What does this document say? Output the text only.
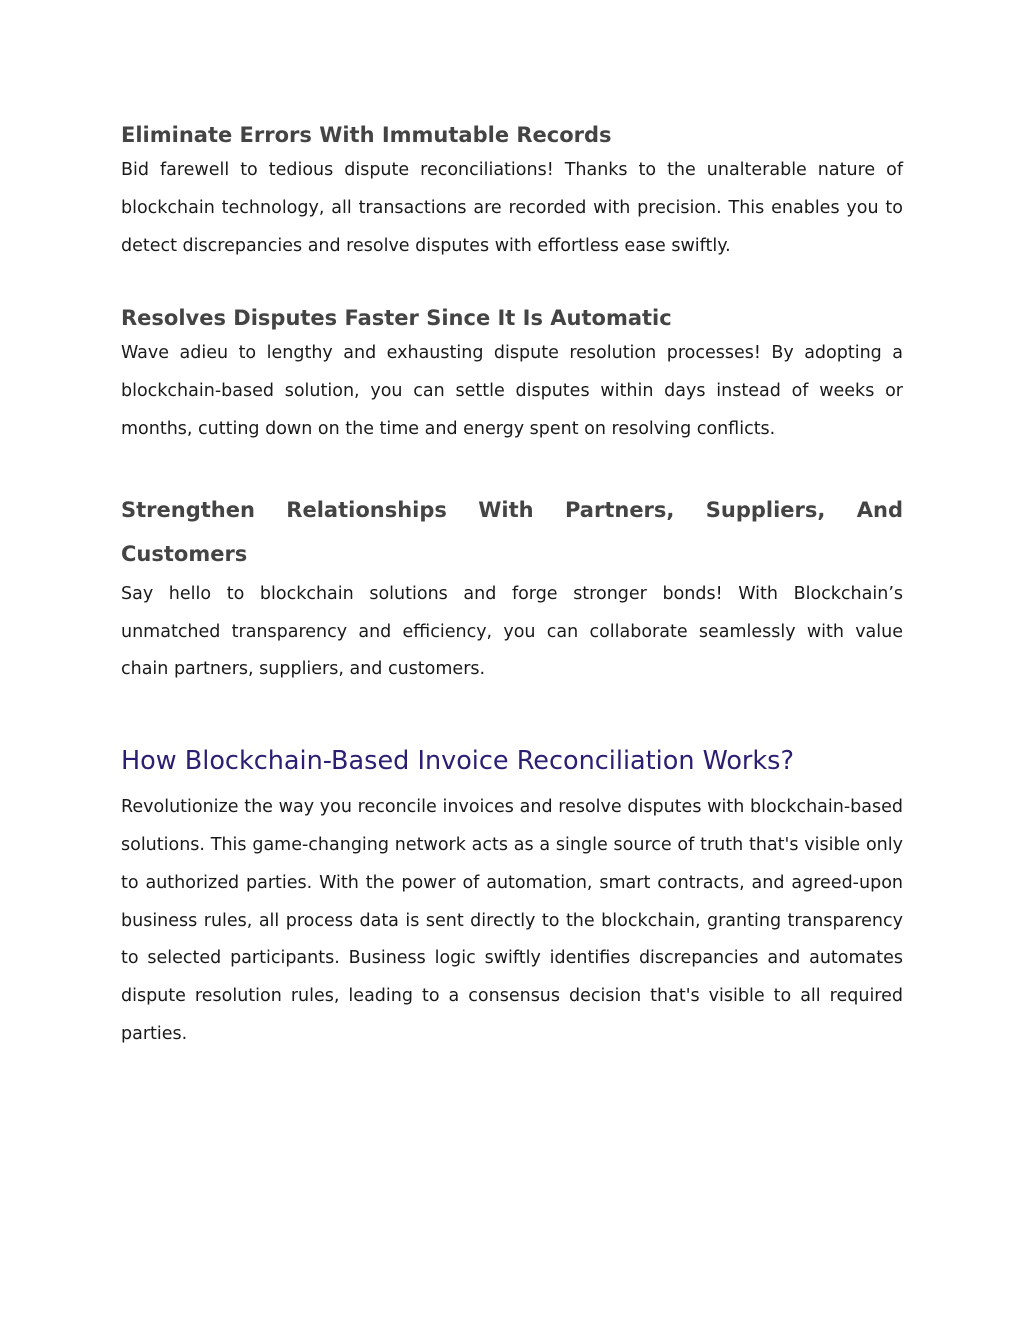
Eliminate Errors With Immutable Records

Bid farewell to tedious dispute reconciliations! Thanks to the unalterable nature of blockchain technology, all transactions are recorded with precision. This enables you to detect discrepancies and resolve disputes with effortless ease swiftly.

Resolves Disputes Faster Since It Is Automatic

Wave adieu to lengthy and exhausting dispute resolution processes! By adopting a blockchain-based solution, you can settle disputes within days instead of weeks or months, cutting down on the time and energy spent on resolving conflicts.

Strengthen Relationships With Partners, Suppliers, And
Customers

Say hello to blockchain solutions and forge stronger bonds! With Blockchain’s unmatched transparency and efficiency, you can collaborate seamlessly with value chain partners, suppliers, and customers.

How Blockchain-Based Invoice Reconciliation Works?

Revolutionize the way you reconcile invoices and resolve disputes with blockchain-based solutions. This game-changing network acts as a single source of truth that's visible only to authorized parties. With the power of automation, smart contracts, and agreed-upon business rules, all process data is sent directly to the blockchain, granting transparency to selected participants. Business logic swiftly identifies discrepancies and automates dispute resolution rules, leading to a consensus decision that's visible to all required parties.
